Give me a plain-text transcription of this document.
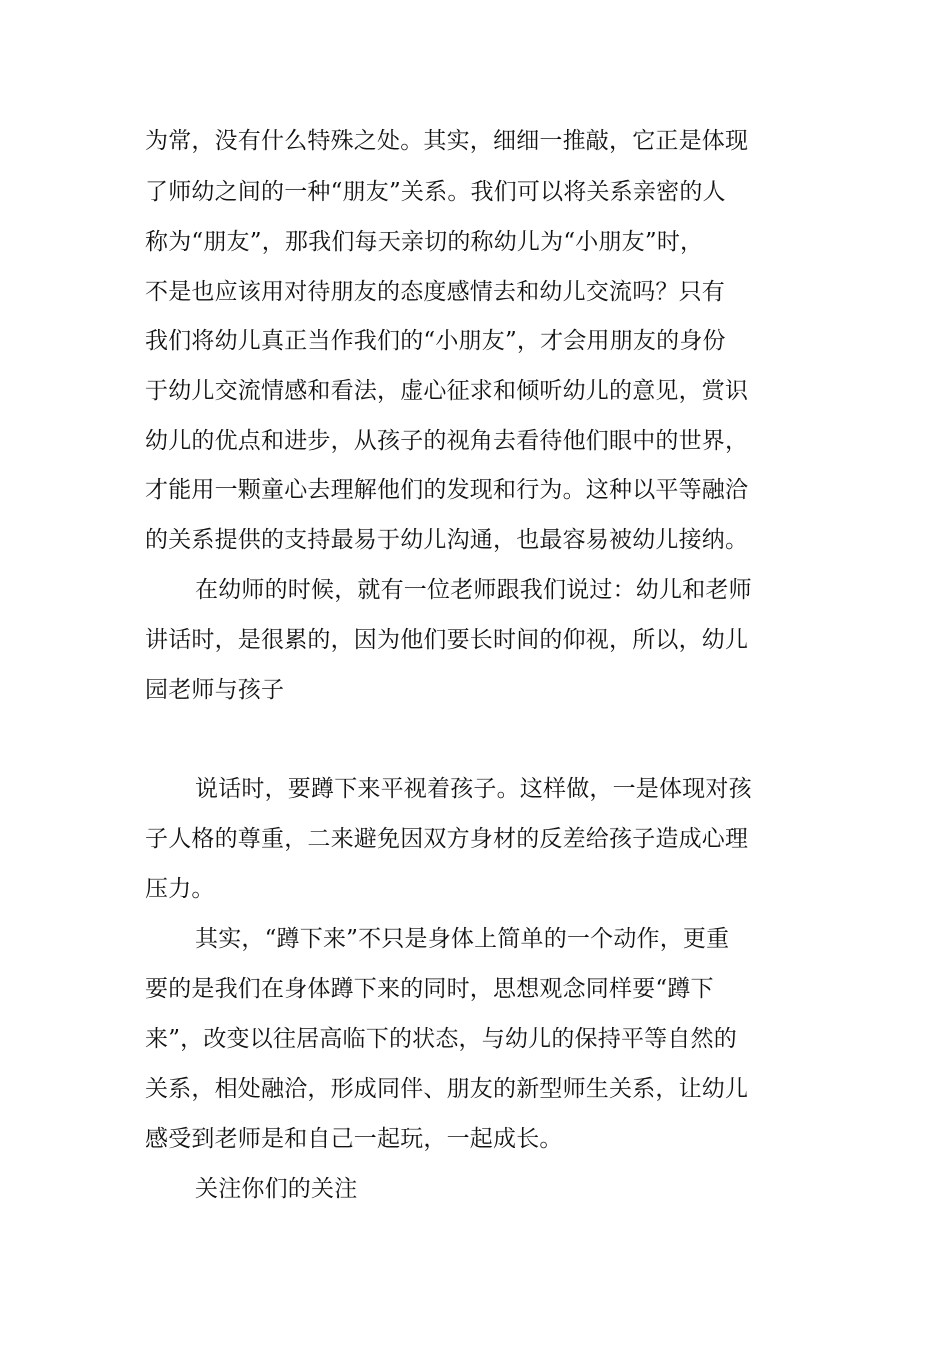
为常，没有什么特殊之处。其实，细细一推敲，它正是体现
了师幼之间的一种“朋友”关系。我们可以将关系亲密的人
称为“朋友”，那我们每天亲切的称幼儿为“小朋友”时，
不是也应该用对待朋友的态度感情去和幼儿交流吗？只有
我们将幼儿真正当作我们的“小朋友”，才会用朋友的身份
于幼儿交流情感和看法，虚心征求和倾听幼儿的意见，赏识
幼儿的优点和进步，从孩子的视角去看待他们眼中的世界，
才能用一颗童心去理解他们的发现和行为。这种以平等融洽
的关系提供的支持最易于幼儿沟通，也最容易被幼儿接纳。
在幼师的时候，就有一位老师跟我们说过：幼儿和老师
讲话时，是很累的，因为他们要长时间的仰视，所以，幼儿
园老师与孩子
说话时，要蹲下来平视着孩子。这样做，一是体现对孩
子人格的尊重，二来避免因双方身材的反差给孩子造成心理
压力。
其实，“蹲下来”不只是身体上简单的一个动作，更重
要的是我们在身体蹲下来的同时，思想观念同样要“蹲下
来”，改变以往居高临下的状态，与幼儿的保持平等自然的
关系，相处融洽，形成同伴、朋友的新型师生关系，让幼儿
感受到老师是和自己一起玩，一起成长。
关注你们的关注
